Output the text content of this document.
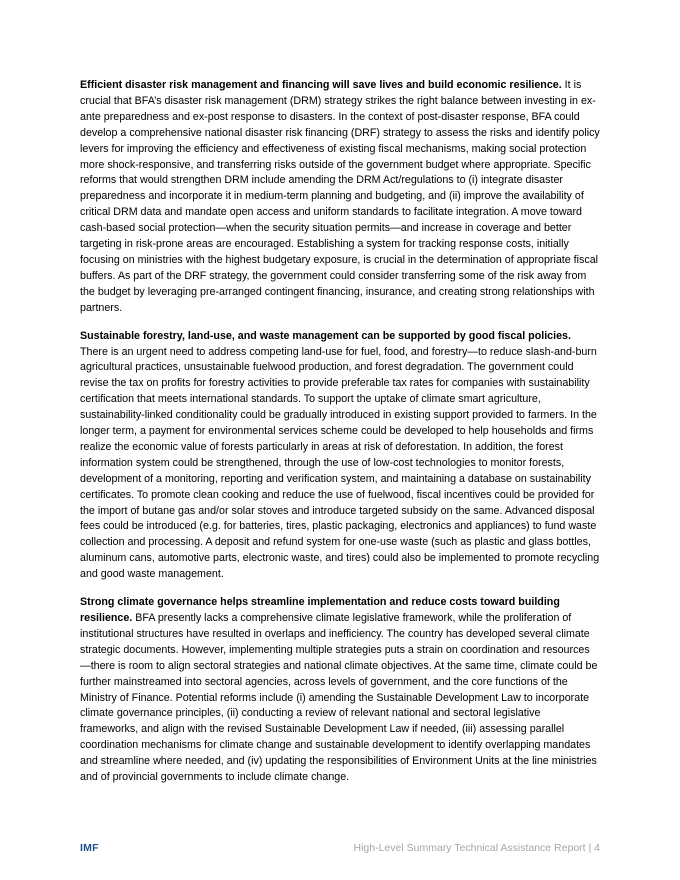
Efficient disaster risk management and financing will save lives and build economic resilience. It is crucial that BFA’s disaster risk management (DRM) strategy strikes the right balance between investing in ex-ante preparedness and ex-post response to disasters. In the context of post-disaster response, BFA could develop a comprehensive national disaster risk financing (DRF) strategy to assess the risks and identify policy levers for improving the efficiency and effectiveness of existing fiscal mechanisms, making social protection more shock-responsive, and transferring risks outside of the government budget where appropriate. Specific reforms that would strengthen DRM include amending the DRM Act/regulations to (i) integrate disaster preparedness and incorporate it in medium-term planning and budgeting, and (ii) improve the availability of critical DRM data and mandate open access and uniform standards to facilitate integration. A move toward cash-based social protection—when the security situation permits—and increase in coverage and better targeting in risk-prone areas are encouraged. Establishing a system for tracking response costs, initially focusing on ministries with the highest budgetary exposure, is crucial in the determination of appropriate fiscal buffers. As part of the DRF strategy, the government could consider transferring some of the risk away from the budget by leveraging pre-arranged contingent financing, insurance, and creating strong relationships with partners.

Sustainable forestry, land-use, and waste management can be supported by good fiscal policies. There is an urgent need to address competing land-use for fuel, food, and forestry—to reduce slash-and-burn agricultural practices, unsustainable fuelwood production, and forest degradation. The government could revise the tax on profits for forestry activities to provide preferable tax rates for companies with sustainability certification that meets international standards. To support the uptake of climate smart agriculture, sustainability-linked conditionality could be gradually introduced in existing support provided to farmers. In the longer term, a payment for environmental services scheme could be developed to help households and firms realize the economic value of forests particularly in areas at risk of deforestation. In addition, the forest information system could be strengthened, through the use of low-cost technologies to monitor forests, development of a monitoring, reporting and verification system, and maintaining a database on sustainability certificates. To promote clean cooking and reduce the use of fuelwood, fiscal incentives could be provided for the import of butane gas and/or solar stoves and introduce targeted subsidy on the same. Advanced disposal fees could be introduced (e.g. for batteries, tires, plastic packaging, electronics and appliances) to fund waste collection and processing. A deposit and refund system for one-use waste (such as plastic and glass bottles, aluminum cans, automotive parts, electronic waste, and tires) could also be implemented to promote recycling and good waste management.

Strong climate governance helps streamline implementation and reduce costs toward building resilience. BFA presently lacks a comprehensive climate legislative framework, while the proliferation of institutional structures have resulted in overlaps and inefficiency. The country has developed several climate strategic documents. However, implementing multiple strategies puts a strain on coordination and resources—there is room to align sectoral strategies and national climate objectives. At the same time, climate could be further mainstreamed into sectoral agencies, across levels of government, and the core functions of the Ministry of Finance. Potential reforms include (i) amending the Sustainable Development Law to incorporate climate governance principles, (ii) conducting a review of relevant national and sectoral legislative frameworks, and align with the revised Sustainable Development Law if needed, (iii) assessing parallel coordination mechanisms for climate change and sustainable development to identify overlapping mandates and streamline where needed, and (iv) updating the responsibilities of Environment Units at the line ministries and of provincial governments to include climate change.

IMF	High-Level Summary Technical Assistance Report | 4
